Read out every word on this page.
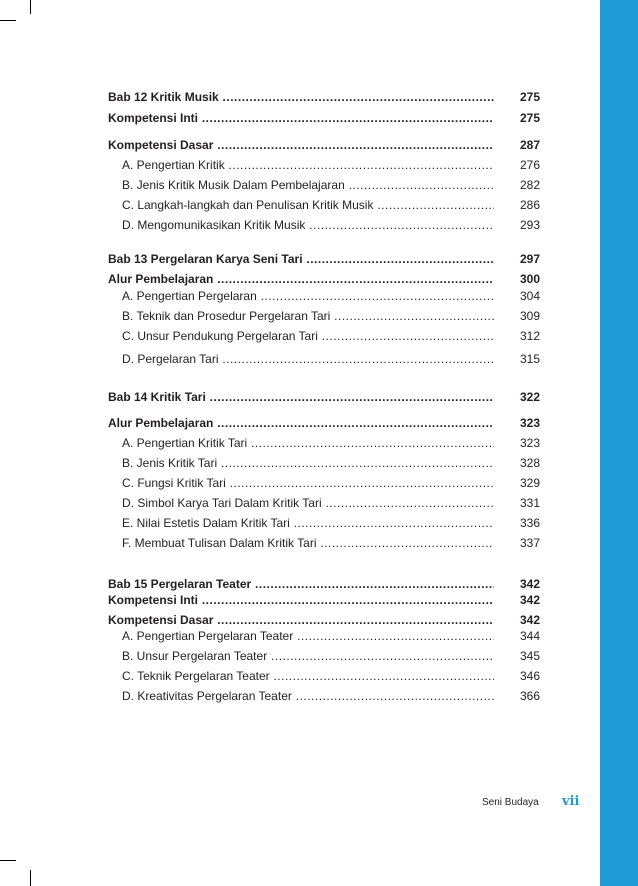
Bab 12 Kritik Musik .....	275
Kompetensi Inti .....	275
Kompetensi Dasar .....	287
A. Pengertian Kritik .....	276
B. Jenis Kritik Musik Dalam Pembelajaran .....	282
C. Langkah-langkah dan Penulisan Kritik Musik .....	286
D. Mengomunikasikan Kritik Musik .....	293
Bab 13 Pergelaran Karya Seni Tari .....	297
Alur Pembelajaran .....	300
A. Pengertian Pergelaran .....	304
B. Teknik dan Prosedur Pergelaran Tari .....	309
C. Unsur Pendukung Pergelaran Tari .....	312
D. Pergelaran Tari .....	315
Bab 14 Kritik Tari .....	322
Alur Pembelajaran .....	323
A. Pengertian Kritik Tari .....	323
B. Jenis Kritik Tari .....	328
C. Fungsi Kritik Tari .....	329
D. Simbol Karya Tari Dalam Kritik Tari .....	331
E. Nilai Estetis Dalam Kritik Tari .....	336
F. Membuat Tulisan Dalam Kritik Tari .....	337
Bab 15 Pergelaran Teater .....	342
Kompetensi Inti .....	342
Kompetensi Dasar .....	342
A. Pengertian Pergelaran Teater .....	344
B. Unsur Pergelaran Teater .....	345
C. Teknik Pergelaran Teater .....	346
D. Kreativitas Pergelaran Teater .....	366
Seni Budaya vii
